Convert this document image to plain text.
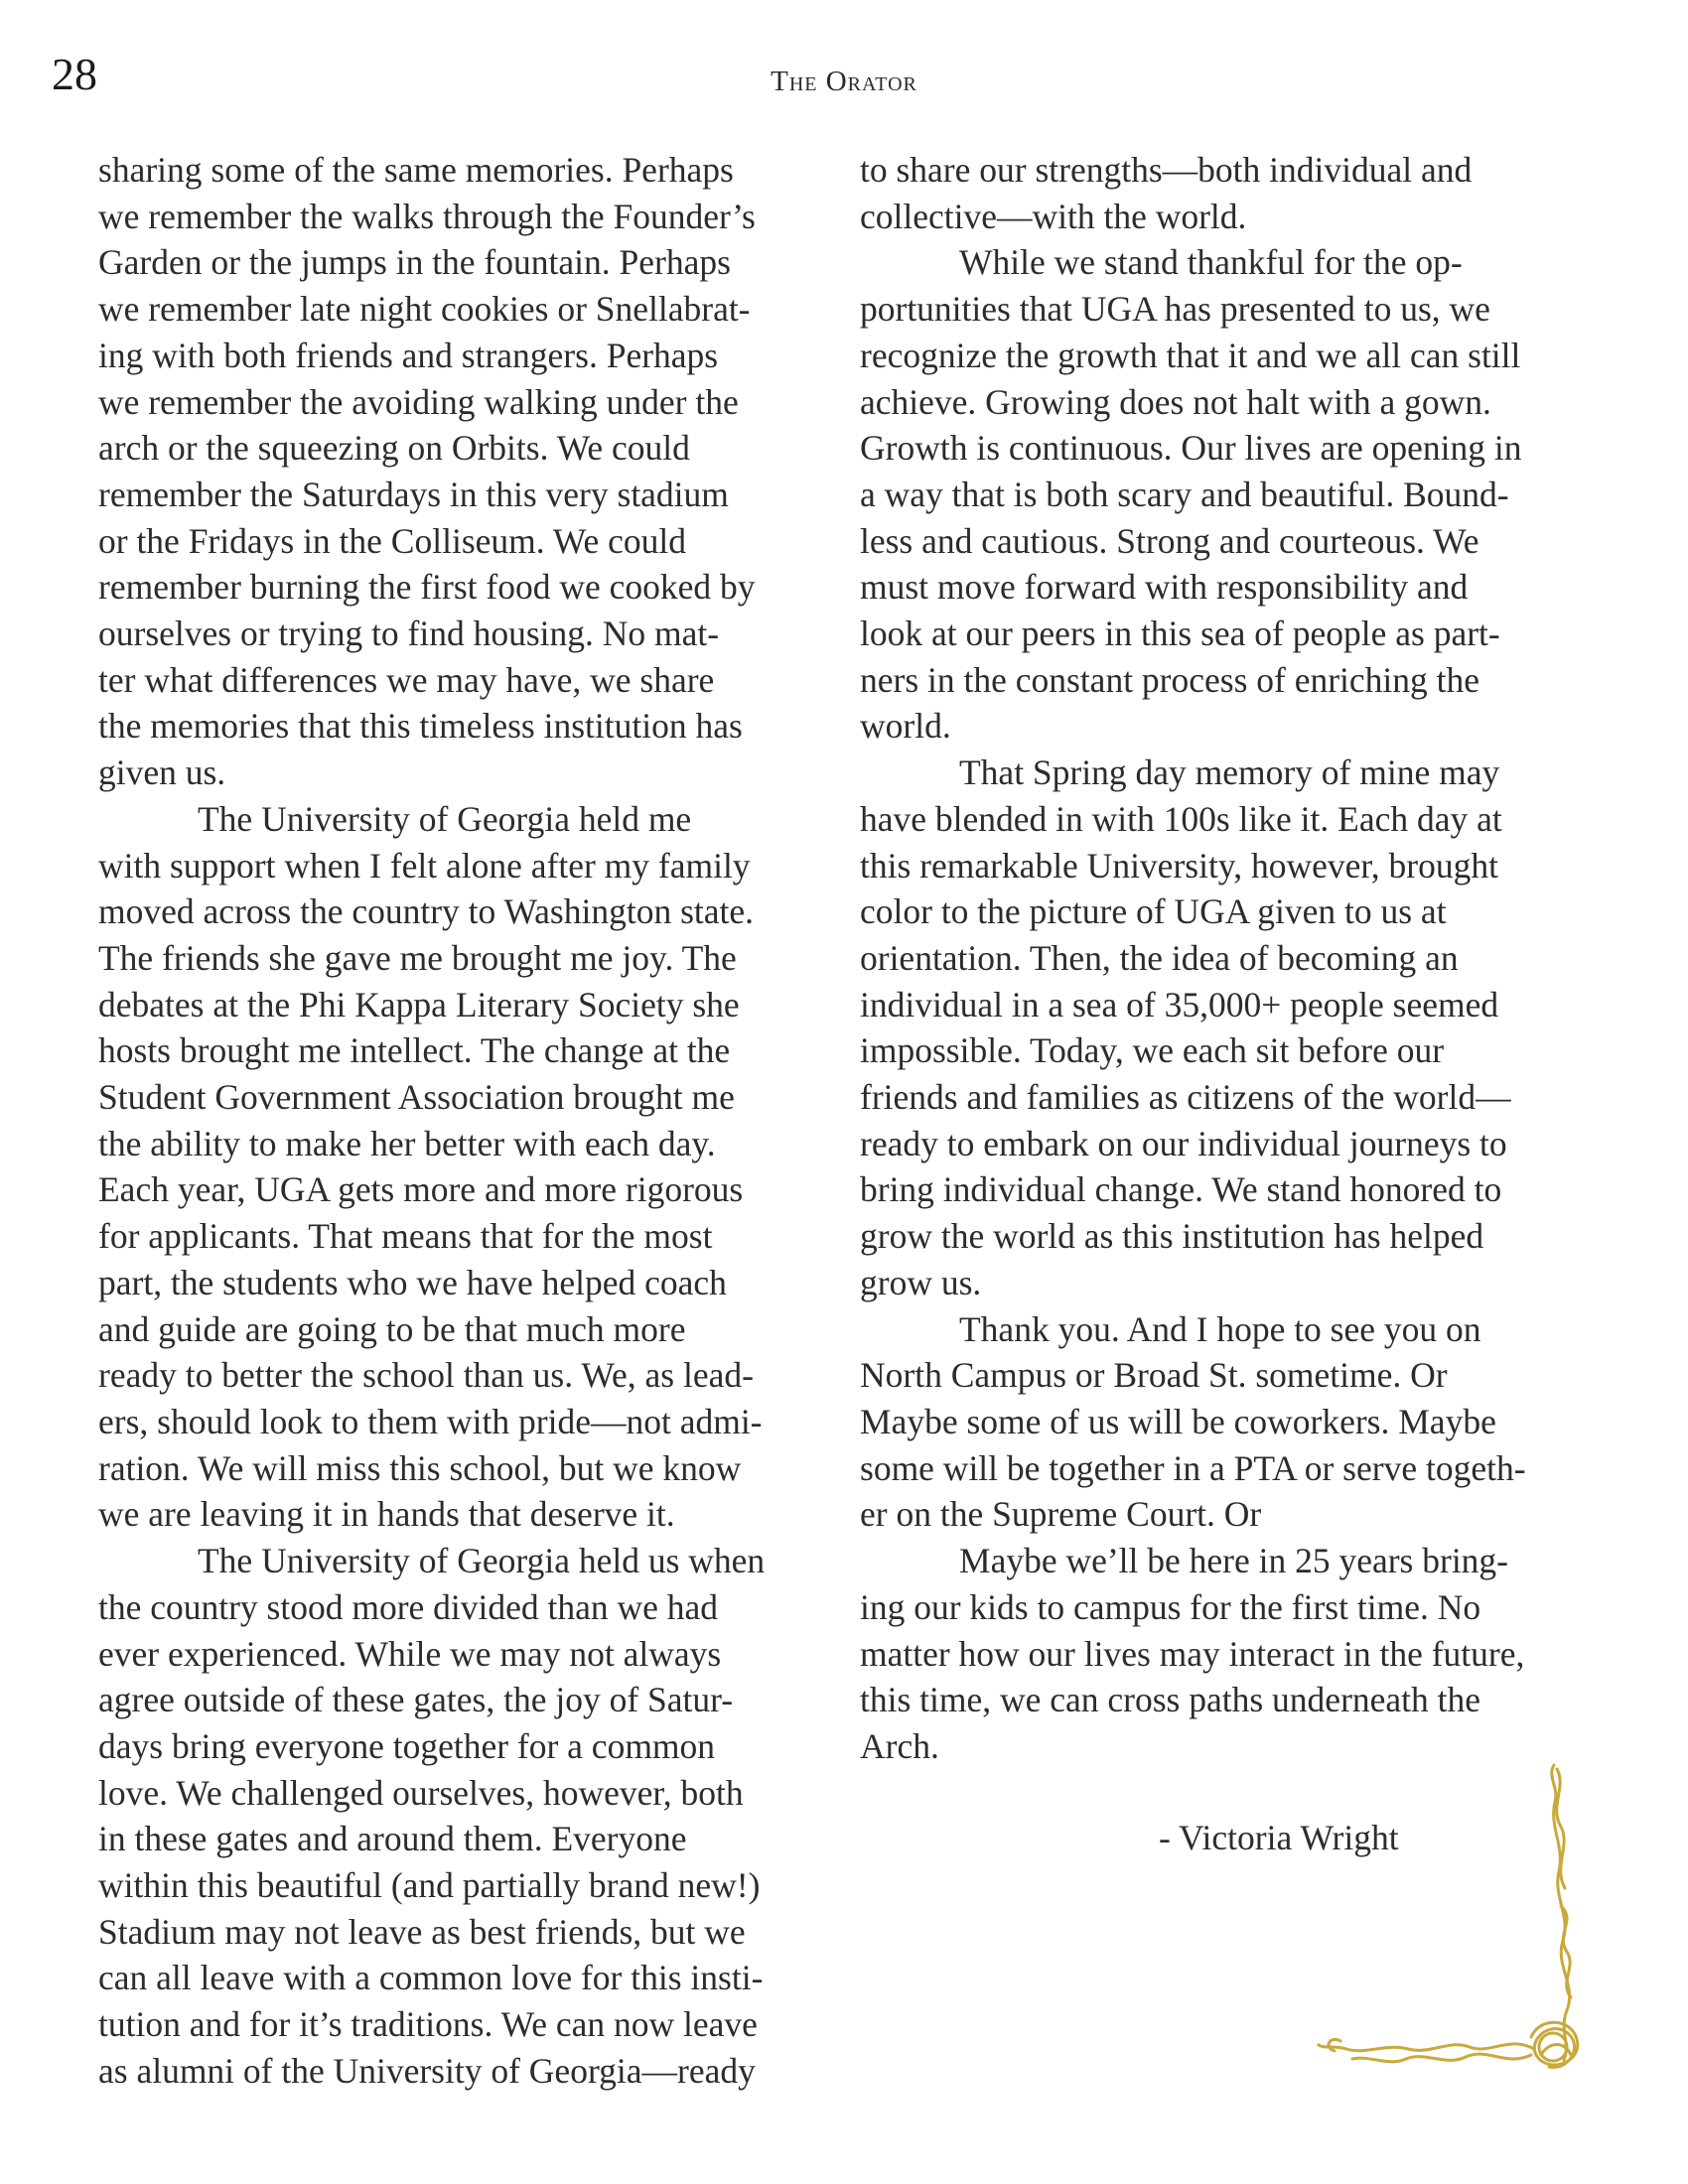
28	The Orator

sharing some of the same memories. Perhaps
we remember the walks through the Founder’s
Garden or the jumps in the fountain. Perhaps
we remember late night cookies or Snellabrat-
ing with both friends and strangers. Perhaps
we remember the avoiding walking under the
arch or the squeezing on Orbits. We could
remember the Saturdays in this very stadium
or the Fridays in the Colliseum. We could
remember burning the first food we cooked by
ourselves or trying to find housing. No mat-
ter what differences we may have, we share
the memories that this timeless institution has
given us.

The University of Georgia held me
with support when I felt alone after my family
moved across the country to Washington state.
The friends she gave me brought me joy. The
debates at the Phi Kappa Literary Society she
hosts brought me intellect. The change at the
Student Government Association brought me
the ability to make her better with each day.
Each year, UGA gets more and more rigorous
for applicants. That means that for the most
part, the students who we have helped coach
and guide are going to be that much more
ready to better the school than us. We, as lead-
ers, should look to them with pride—not admi-
ration. We will miss this school, but we know
we are leaving it in hands that deserve it.

The University of Georgia held us when
the country stood more divided than we had
ever experienced. While we may not always
agree outside of these gates, the joy of Satur-
days bring everyone together for a common
love. We challenged ourselves, however, both
in these gates and around them. Everyone
within this beautiful (and partially brand new!)
Stadium may not leave as best friends, but we
can all leave with a common love for this insti-
tution and for it’s traditions. We can now leave
as alumni of the University of Georgia—ready

to share our strengths—both individual and
collective—with the world.

While we stand thankful for the op-
portunities that UGA has presented to us, we
recognize the growth that it and we all can still
achieve. Growing does not halt with a gown.
Growth is continuous. Our lives are opening in
a way that is both scary and beautiful. Bound-
less and cautious. Strong and courteous. We
must move forward with responsibility and
look at our peers in this sea of people as part-
ners in the constant process of enriching the
world.

That Spring day memory of mine may
have blended in with 100s like it. Each day at
this remarkable University, however, brought
color to the picture of UGA given to us at
orientation. Then, the idea of becoming an
individual in a sea of 35,000+ people seemed
impossible. Today, we each sit before our
friends and families as citizens of the world—
ready to embark on our individual journeys to
bring individual change. We stand honored to
grow the world as this institution has helped
grow us.

Thank you. And I hope to see you on
North Campus or Broad St. sometime. Or
Maybe some of us will be coworkers. Maybe
some will be together in a PTA or serve togeth-
er on the Supreme Court. Or

Maybe we’ll be here in 25 years bring-
ing our kids to campus for the first time. No
matter how our lives may interact in the future,
this time, we can cross paths underneath the
Arch.

- Victoria Wright
